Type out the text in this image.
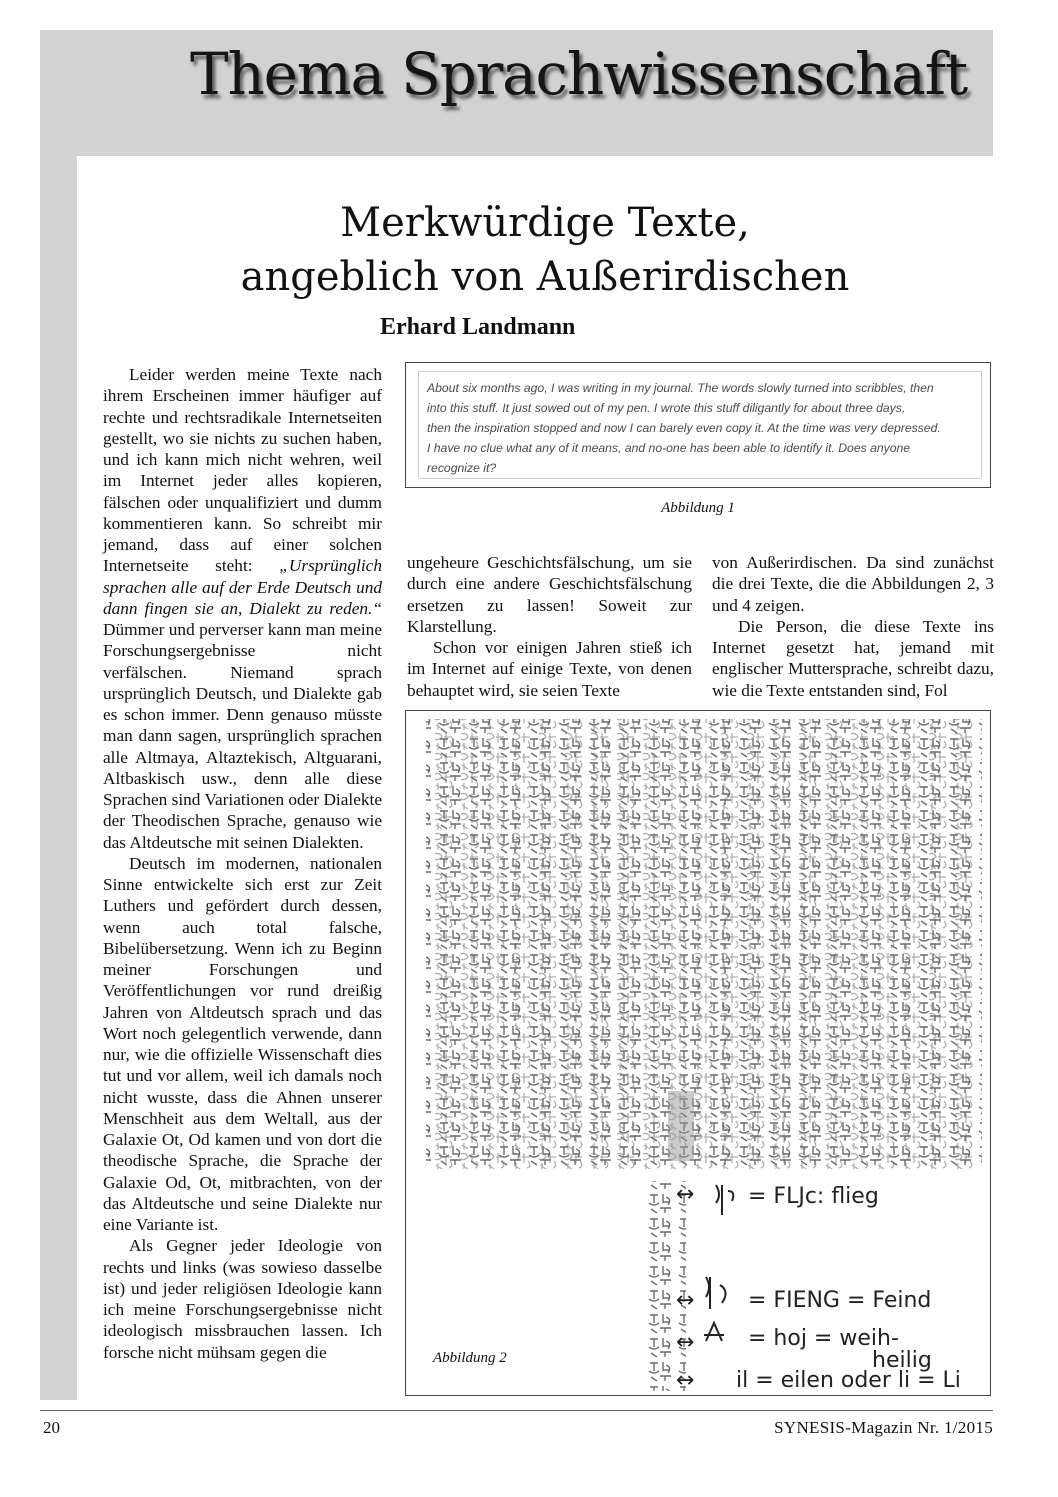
Thema Sprachwissenschaft
Merkwürdige Texte,
angeblich von Außerirdischen
Erhard Landmann

Leider werden meine Texte nach ihrem Erscheinen immer häufiger auf rechte und rechtsradikale Internetseiten gestellt, wo sie nichts zu suchen haben, und ich kann mich nicht wehren, weil im Internet jeder alles kopieren, fälschen oder unqualifiziert und dumm kommentieren kann. So schreibt mir jemand, dass auf einer solchen Internetseite steht: „Ursprünglich sprachen alle auf der Erde Deutsch und dann fingen sie an, Dialekt zu reden.“ Dümmer und perverser kann man meine Forschungsergebnisse nicht verfälschen. Niemand sprach ursprünglich Deutsch, und Dialekte gab es schon immer. Denn genauso müsste man dann sagen, ursprünglich sprachen alle Altmaya, Altaztekisch, Altguarani, Altbaskisch usw., denn alle diese Sprachen sind Variationen oder Dialekte der Theodischen Sprache, genauso wie das Altdeutsche mit seinen Dialekten.

Deutsch im modernen, nationalen Sinne entwickelte sich erst zur Zeit Luthers und gefördert durch dessen, wenn auch total falsche, Bibelübersetzung. Wenn ich zu Beginn meiner Forschungen und Veröffentlichungen vor rund dreißig Jahren von Altdeutsch sprach und das Wort noch gelegentlich verwende, dann nur, wie die offizielle Wissenschaft dies tut und vor allem, weil ich damals noch nicht wusste, dass die Ahnen unserer Menschheit aus dem Weltall, aus der Galaxie Ot, Od kamen und von dort die theodische Sprache, die Sprache der Galaxie Od, Ot, mitbrachten, von der das Altdeutsche und seine Dialekte nur eine Variante ist.

Als Gegner jeder Ideologie von rechts und links (was sowieso dasselbe ist) und jeder religiösen Ideologie kann ich meine Forschungsergebnisse nicht ideologisch missbrauchen lassen. Ich forsche nicht mühsam gegen die

About six months ago, I was writing in my journal. The words slowly turned into scribbles, then
into this stuff. It just sowed out of my pen. I wrote this stuff diligantly for about three days,
then the inspiration stopped and now I can barely even copy it. At the time was very depressed.
I have no clue what any of it means, and no-one has been able to identify it. Does anyone
recognize it?
Abbildung 1

ungeheure Geschichtsfälschung, um sie durch eine andere Geschichtsfälschung ersetzen zu lassen! Soweit zur Klarstellung.

Schon vor einigen Jahren stieß ich im Internet auf einige Texte, von denen behauptet wird, sie seien Texte

von Außerirdischen. Da sind zunächst die drei Texte, die die Abbildungen 2, 3 und 4 zeigen.

Die Person, die diese Texte ins Internet gesetzt hat, jemand mit englischer Muttersprache, schreibt dazu, wie die Texte entstanden sind, Fol

↔ = FLJc: flieg
↔ = FIENG = Feind
↔ = hoj = weih-
heilig
↔ il = eilen oder li = Li
Abbildung 2
20	SYNESIS-Magazin Nr. 1/2015
